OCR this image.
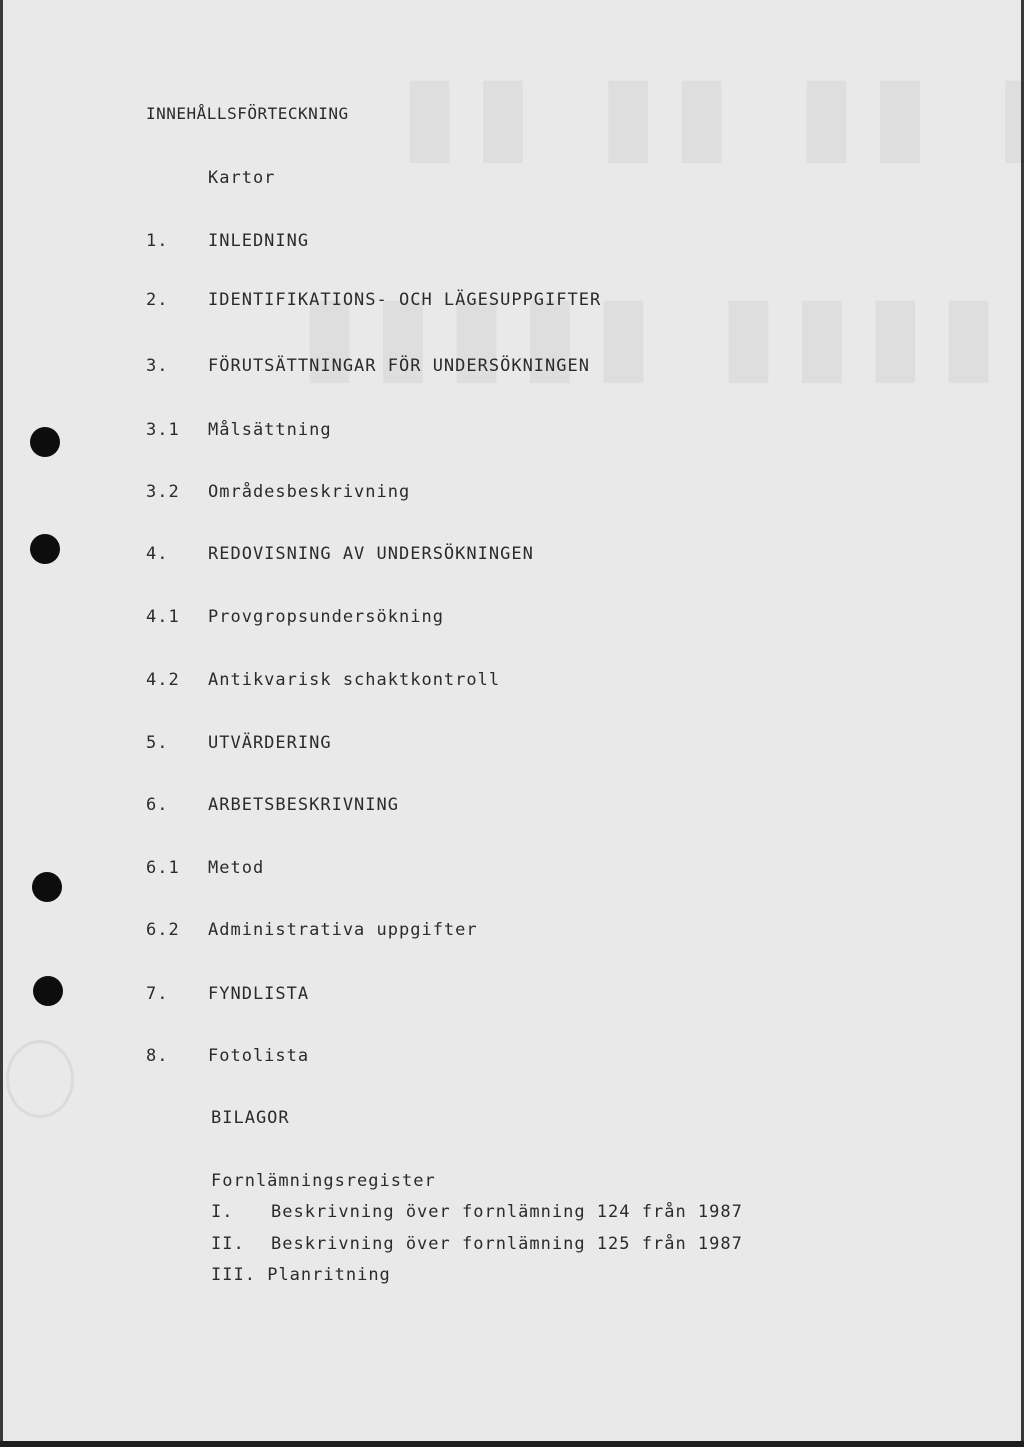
INNEHÅLLSFÖRTECKNING
Kartor
1. INLEDNING
2. IDENTIFIKATIONS- OCH LÄGESUPPGIFTER
3. FÖRUTSÄTTNINGAR FÖR UNDERSÖKNINGEN
3.1 Målsättning
3.2 Områdesbeskrivning
4. REDOVISNING AV UNDERSÖKNINGEN
4.1 Provgropsundersökning
4.2 Antikvarisk schaktkontroll
5. UTVÄRDERING
6. ARBETSBESKRIVNING
6.1 Metod
6.2 Administrativa uppgifter
7. FYNDLISTA
8. Fotolista
BILAGOR
Fornlämningsregister
I. Beskrivning över fornlämning 124 från 1987
II. Beskrivning över fornlämning 125 från 1987
III. Planritning
